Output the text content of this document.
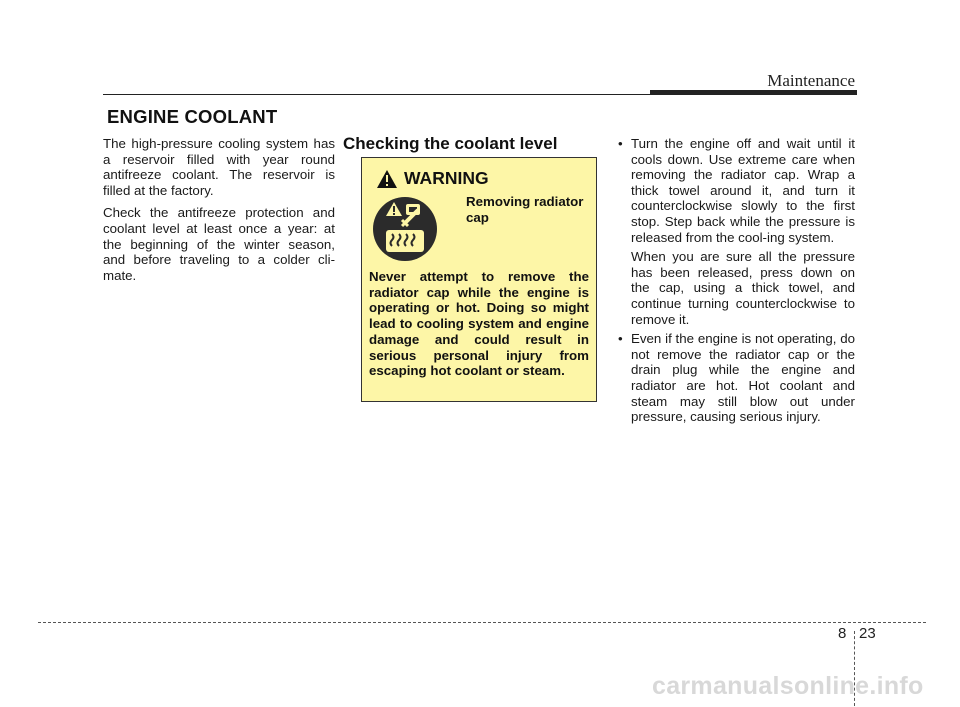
Maintenance
ENGINE COOLANT

The high-pressure cooling system has a reservoir filled with year round antifreeze coolant. The reservoir is filled at the factory.

Check the antifreeze protection and coolant level at least once a year: at the beginning of the winter season, and before traveling to a colder cli-mate.

Checking the coolant level
WARNING
Removing radiator cap
Never attempt to remove the radiator cap while the engine is operating or hot. Doing so might lead to cooling system and engine damage and could result in serious personal injury from escaping hot coolant or steam.
• Turn the engine off and wait until it cools down. Use extreme care when removing the radiator cap. Wrap a thick towel around it, and turn it counterclockwise slowly to the first stop. Step back while the pressure is released from the cool-ing system.

When you are sure all the pressure has been released, press down on the cap, using a thick towel, and continue turning counterclockwise to remove it.

• Even if the engine is not operating, do not remove the radiator cap or the drain plug while the engine and radiator are hot. Hot coolant and steam may still blow out under pressure, causing serious injury.

8 23
carmanualsonline.info
